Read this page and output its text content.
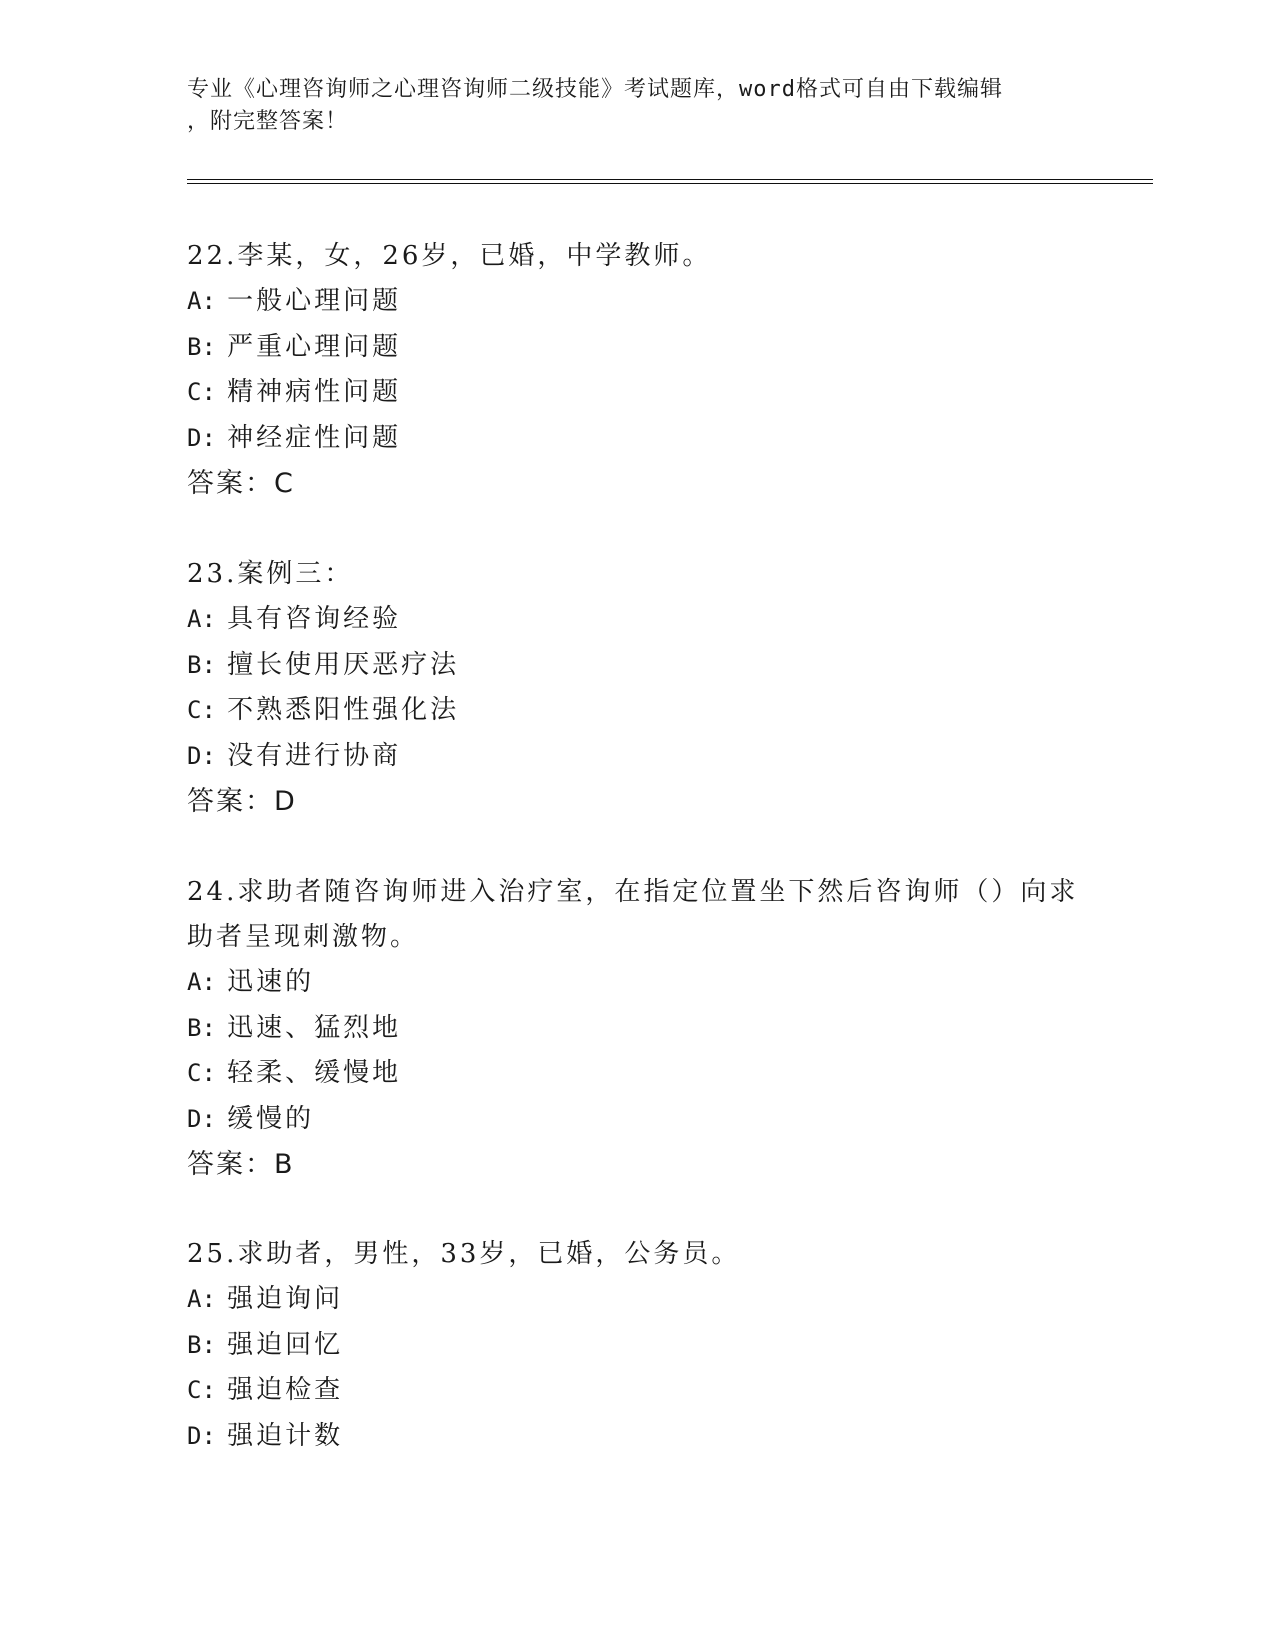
专业《心理咨询师之心理咨询师二级技能》考试题库，word格式可自由下载编辑
，附完整答案！
22.李某，女，26岁，已婚，中学教师。
A: 一般心理问题
B: 严重心理问题
C: 精神病性问题
D: 神经症性问题
答案：C
23.案例三：
A: 具有咨询经验
B: 擅长使用厌恶疗法
C: 不熟悉阳性强化法
D: 没有进行协商
答案：D
24.求助者随咨询师进入治疗室，在指定位置坐下然后咨询师（）向求助者呈现刺激物。
A: 迅速的
B: 迅速、猛烈地
C: 轻柔、缓慢地
D: 缓慢的
答案：B
25.求助者，男性，33岁，已婚，公务员。
A: 强迫询问
B: 强迫回忆
C: 强迫检查
D: 强迫计数
